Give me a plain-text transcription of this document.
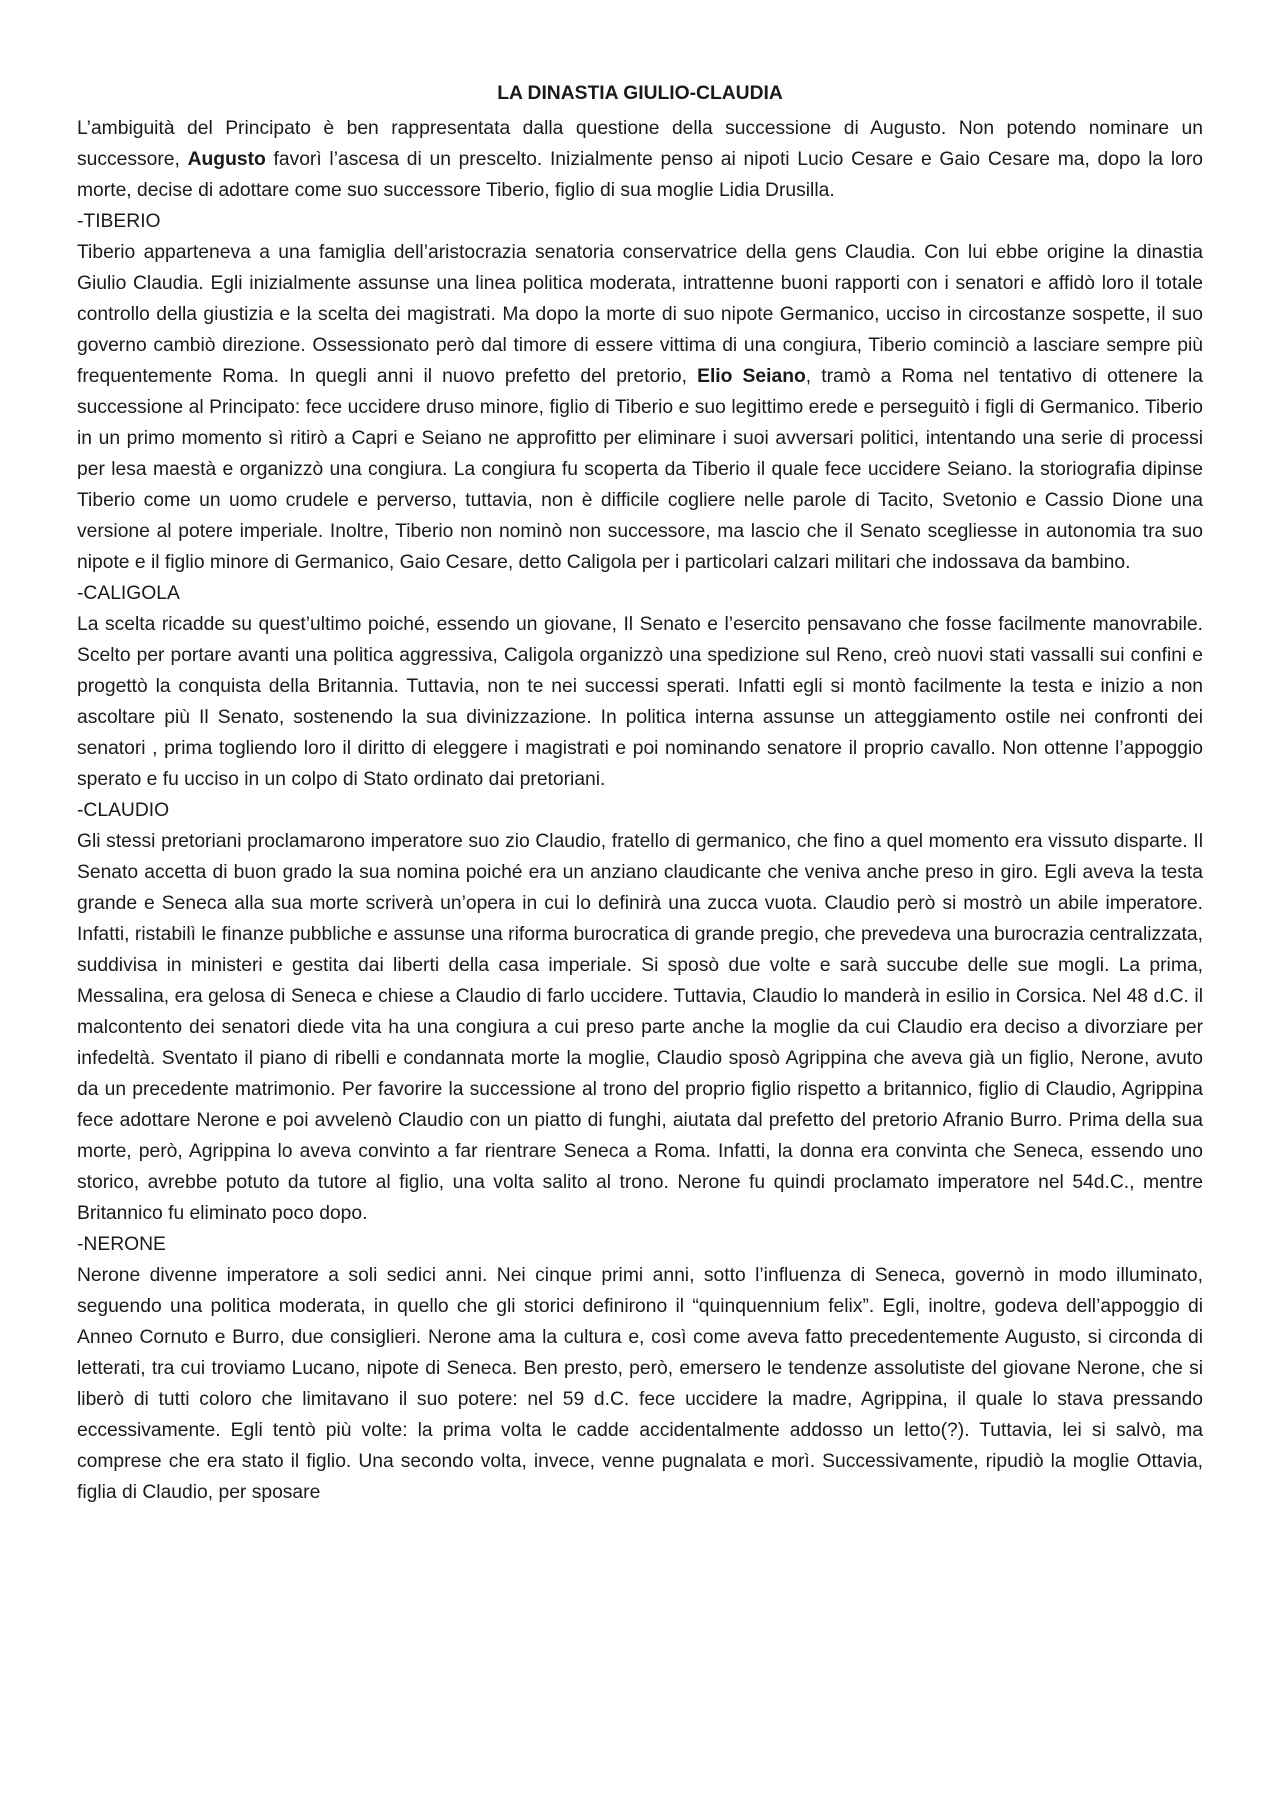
LA DINASTIA GIULIO-CLAUDIA

L’ambiguità del Principato è ben rappresentata dalla questione della successione di Augusto. Non potendo nominare un successore, Augusto favorì l’ascesa di un prescelto. Inizialmente penso ai nipoti Lucio Cesare e Gaio Cesare ma, dopo la loro morte, decise di adottare come suo successore Tiberio, figlio di sua moglie Lidia Drusilla.

-TIBERIO

Tiberio apparteneva a una famiglia dell’aristocrazia senatoria conservatrice della gens Claudia. Con lui ebbe origine la dinastia Giulio Claudia. Egli inizialmente assunse una linea politica moderata, intrattenne buoni rapporti con i senatori e affidò loro il totale controllo della giustizia e la scelta dei magistrati. Ma dopo la morte di suo nipote Germanico, ucciso in circostanze sospette, il suo governo cambiò direzione. Ossessionato però dal timore di essere vittima di una congiura, Tiberio cominciò a lasciare sempre più frequentemente Roma. In quegli anni il nuovo prefetto del pretorio, Elio Seiano, tramò a Roma nel tentativo di ottenere la successione al Principato: fece uccidere druso minore, figlio di Tiberio e suo legittimo erede e perseguitò i figli di Germanico. Tiberio in un primo momento sì ritirò a Capri e Seiano ne approfitto per eliminare i suoi avversari politici, intentando una serie di processi per lesa maestà e organizzò una congiura. La congiura fu scoperta da Tiberio il quale fece uccidere Seiano. la storiografia dipinse Tiberio come un uomo crudele e perverso, tuttavia, non è difficile cogliere nelle parole di Tacito, Svetonio e Cassio Dione una versione al potere imperiale. Inoltre, Tiberio non nominò non successore, ma lascio che il Senato scegliesse in autonomia tra suo nipote e il figlio minore di Germanico, Gaio Cesare, detto Caligola per i particolari calzari militari che indossava da bambino.

-CALIGOLA

La scelta ricadde su quest’ultimo poiché, essendo un giovane, Il Senato e l’esercito pensavano che fosse facilmente manovrabile. Scelto per portare avanti una politica aggressiva, Caligola organizzò una spedizione sul Reno, creò nuovi stati vassalli sui confini e progettò la conquista della Britannia. Tuttavia, non te nei successi sperati. Infatti egli si montò facilmente la testa e inizio a non ascoltare più Il Senato, sostenendo la sua divinizzazione. In politica interna assunse un atteggiamento ostile nei confronti dei senatori , prima togliendo loro il diritto di eleggere i magistrati e poi nominando senatore il proprio cavallo. Non ottenne l’appoggio sperato e fu ucciso in un colpo di Stato ordinato dai pretoriani.

-CLAUDIO

Gli stessi pretoriani proclamarono imperatore suo zio Claudio, fratello di germanico, che fino a quel momento era vissuto disparte. Il Senato accetta di buon grado la sua nomina poiché era un anziano claudicante che veniva anche preso in giro. Egli aveva la testa grande e Seneca alla sua morte scriverà un’opera in cui lo definirà una zucca vuota. Claudio però si mostrò un abile imperatore. Infatti, ristabilì le finanze pubbliche e assunse una riforma burocratica di grande pregio, che prevedeva una burocrazia centralizzata, suddivisa in ministeri e gestita dai liberti della casa imperiale. Si sposò due volte e sarà succube delle sue mogli. La prima, Messalina, era gelosa di Seneca e chiese a Claudio di farlo uccidere. Tuttavia, Claudio lo manderà in esilio in Corsica. Nel 48 d.C. il malcontento dei senatori diede vita ha una congiura a cui preso parte anche la moglie da cui Claudio era deciso a divorziare per infedeltà. Sventato il piano di ribelli e condannata morte la moglie, Claudio sposò Agrippina che aveva già un figlio, Nerone, avuto da un precedente matrimonio. Per favorire la successione al trono del proprio figlio rispetto a britannico, figlio di Claudio, Agrippina fece adottare Nerone e poi avvelenò Claudio con un piatto di funghi, aiutata dal prefetto del pretorio Afranio Burro. Prima della sua morte, però, Agrippina lo aveva convinto a far rientrare Seneca a Roma. Infatti, la donna era convinta che Seneca, essendo uno storico, avrebbe potuto da tutore al figlio, una volta salito al trono. Nerone fu quindi proclamato imperatore nel 54d.C., mentre Britannico fu eliminato poco dopo.

-NERONE

Nerone divenne imperatore a soli sedici anni. Nei cinque primi anni, sotto l’influenza di Seneca, governò in modo illuminato, seguendo una politica moderata, in quello che gli storici definirono il “quinquennium felix”. Egli, inoltre, godeva dell’appoggio di Anneo Cornuto e Burro, due consiglieri. Nerone ama la cultura e, così come aveva fatto precedentemente Augusto, si circonda di letterati, tra cui troviamo Lucano, nipote di Seneca. Ben presto, però, emersero le tendenze assolutiste del giovane Nerone, che si liberò di tutti coloro che limitavano il suo potere: nel 59 d.C. fece uccidere la madre, Agrippina, il quale lo stava pressando eccessivamente. Egli tentò più volte: la prima volta le cadde accidentalmente addosso un letto(?). Tuttavia, lei si salvò, ma comprese che era stato il figlio. Una secondo volta, invece, venne pugnalata e morì. Successivamente, ripudiò la moglie Ottavia, figlia di Claudio, per sposare
